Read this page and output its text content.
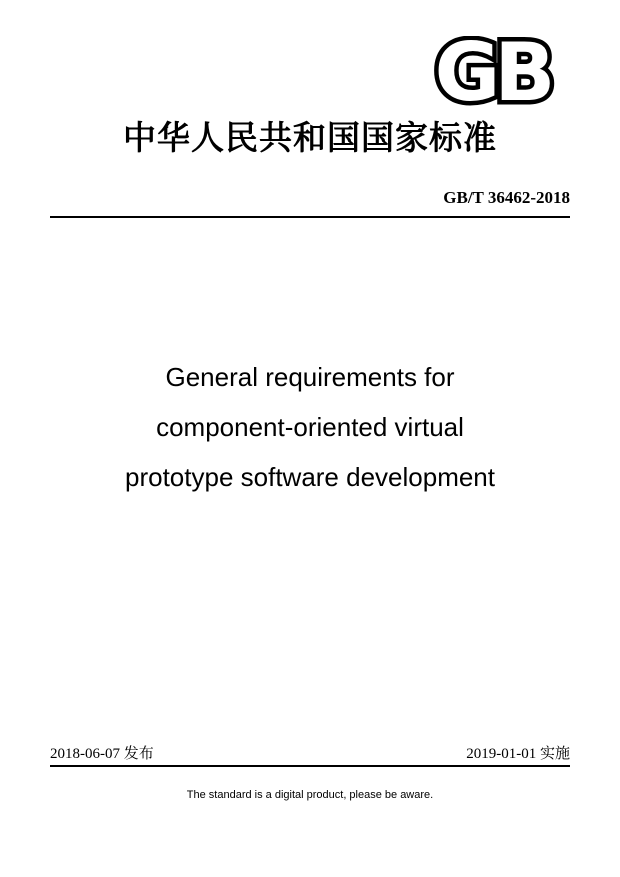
GB
中华人民共和国国家标准
GB/T 36462-2018
General requirements for
component-oriented virtual
prototype software development
2018-06-07 发布	2019-01-01 实施
The standard is a digital product, please be aware.
